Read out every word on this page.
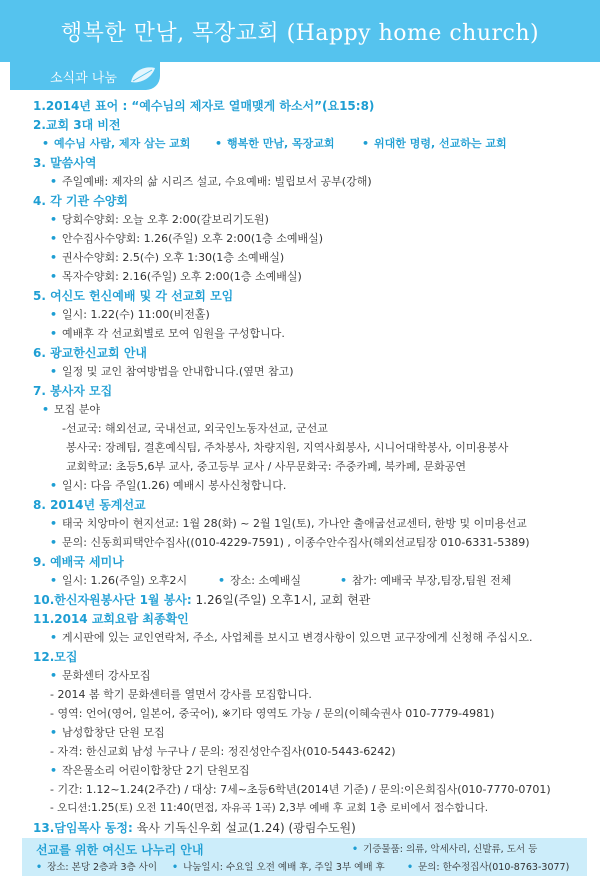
행복한 만남, 목장교회 (Happy home church)
소식과 나눔
1.2014년 표어 : “예수님의 제자로 열매맺게 하소서”(요15:8)
2.교회 3대 비전
• 예수님 사람, 제자 삼는 교회	• 행복한 만남, 목장교회	• 위대한 명령, 선교하는 교회
3. 말씀사역
• 주일예배: 제자의 삶 시리즈 설교, 수요예배: 빌립보서 공부(강해)
4. 각 기관 수양회
• 당회수양회: 오늘 오후 2:00(갈보리기도원)
• 안수집사수양회: 1.26(주일) 오후 2:00(1층 소예배실)
• 권사수양회: 2.5(수) 오후 1:30(1층 소예배실)
• 목자수양회: 2.16(주일) 오후 2:00(1층 소예배실)
5. 여신도 헌신예배 및 각 선교회 모임
• 일시: 1.22(수) 11:00(비전홀)
• 예배후 각 선교회별로 모여 임원을 구성합니다.
6. 광교한신교회 안내
• 일정 및 교인 참여방법을 안내합니다.(옆면 참고)
7. 봉사자 모집
• 모집 분야
-선교국: 해외선교, 국내선교, 외국인노동자선교, 군선교
봉사국: 장례팀, 결혼예식팀, 주차봉사, 차량지원, 지역사회봉사, 시니어대학봉사, 이미용봉사
교회학교: 초등5,6부 교사, 중고등부 교사 / 사무문화국: 주중카페, 북카페, 문화공연
• 일시: 다음 주일(1.26) 예배시 봉사신청합니다.
8. 2014년 동계선교
• 태국 치앙마이 현지선교: 1월 28(화) ~ 2월 1일(토), 가나안 출애굽선교센터, 한방 및 이미용선교
• 문의: 신동희피택안수집사((010-4229-7591) , 이종수안수집사(해외선교팀장 010-6331-5389)
9. 예배국 세미나
• 일시: 1.26(주일) 오후2시	• 장소: 소예배실	• 참가: 예배국 부장,팀장,팀원 전체
10.한신자원봉사단 1월 봉사: 1.26일(주일) 오후1시, 교회 현관
11.2014 교회요람 최종확인
• 게시판에 있는 교인연락처, 주소, 사업체를 보시고 변경사항이 있으면 교구장에게 신청해 주십시오.
12.모집
• 문화센터 강사모집
- 2014 봄 학기 문화센터를 열면서 강사를 모집합니다.
- 영역: 언어(영어, 일본어, 중국어), ※기타 영역도 가능 / 문의(이혜숙권사 010-7779-4981)
• 남성합창단 단원 모집
- 자격: 한신교회 남성 누구나 / 문의: 정진성안수집사(010-5443-6242)
• 작은물소리 어린이합창단 2기 단원모집
- 기간: 1.12~1.24(2주간) / 대상: 7세~초등6학년(2014년 기준) / 문의:이은희집사(010-7770-0701)
- 오디션:1.25(토) 오전 11:40(면접, 자유곡 1곡) 2,3부 예배 후 교회 1층 로비에서 접수합니다.
13.담임목사 동정: 육사 기독신우회 설교(1.24) (광림수도원)
선교를 위한 여신도 나누리 안내
• 장소: 본당 2층과 3층 사이	• 나눔일시: 수요일 오전 예배 후, 주일 3부 예배 후
• 기증물품: 의류, 악세사리, 신발류, 도서 등
• 문의: 한수정집사(010-8763-3077)
